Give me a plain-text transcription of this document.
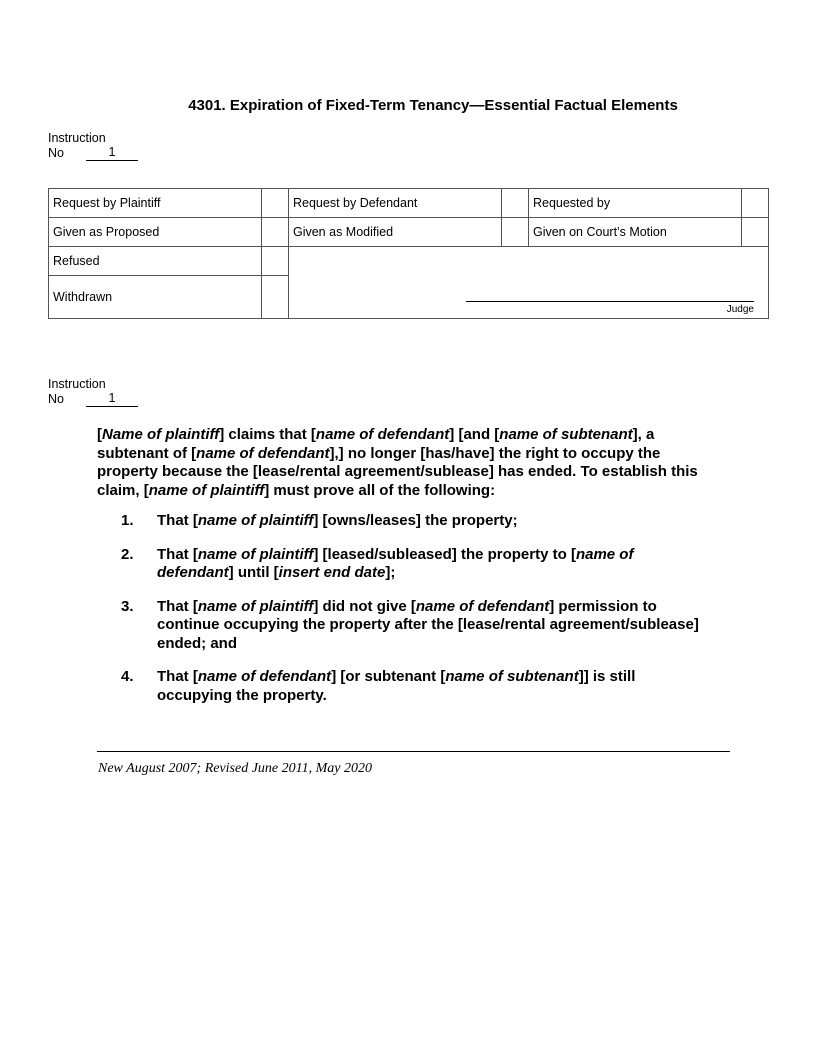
4301. Expiration of Fixed-Term Tenancy—Essential Factual Elements
Instruction
No	1
Request by Plaintiff		Request by Defendant		Requested by	
Given as Proposed		Given as Modified		Given on Court’s Motion	
Refused		Judge			

Withdrawn					
Instruction
No	1

[Name of plaintiff] claims that [name of defendant] [and [name of subtenant], a subtenant of [name of defendant],] no longer [has/have] the right to occupy the property because the [lease/rental agreement/sublease] has ended. To establish this claim, [name of plaintiff] must prove all of the following:

1.	That [name of plaintiff] [owns/leases] the property;
2.	That [name of plaintiff] [leased/subleased] the property to [name of defendant] until [insert end date];
3.	That [name of plaintiff] did not give [name of defendant] permission to continue occupying the property after the [lease/rental agreement/sublease] ended; and
4.	That [name of defendant] [or subtenant [name of subtenant]] is still occupying the property.
New August 2007; Revised June 2011, May 2020
